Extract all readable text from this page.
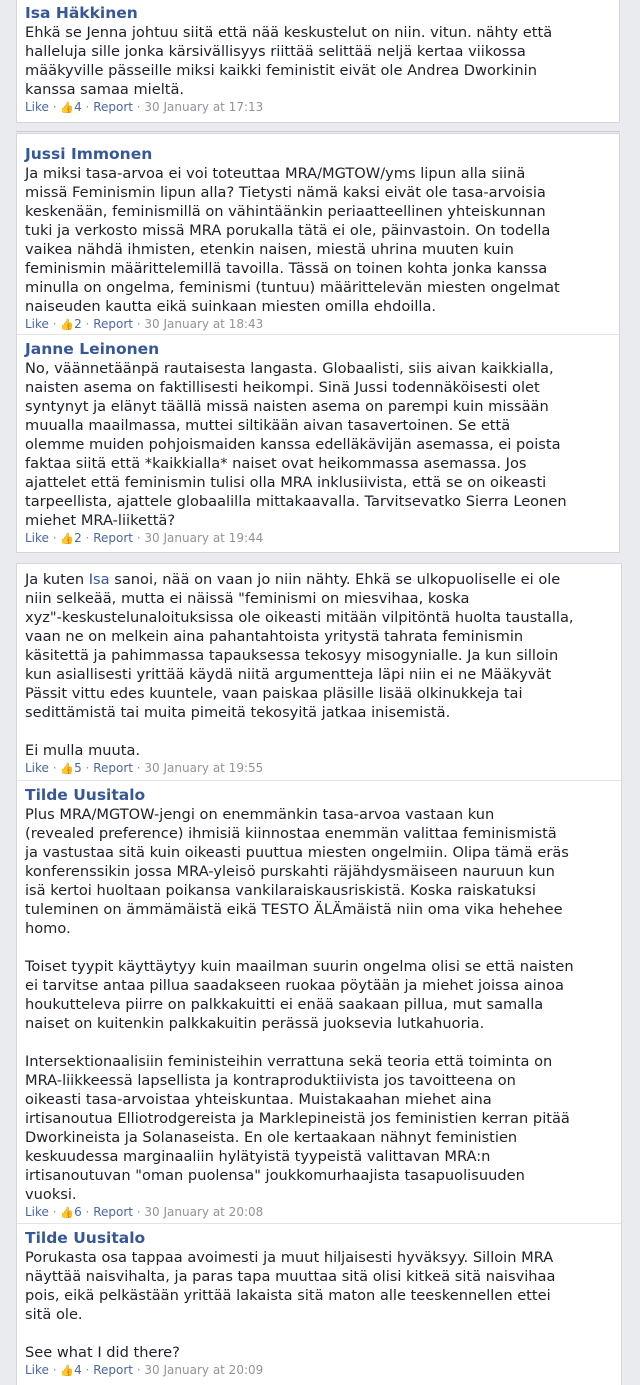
Isa Häkkinen
Ehkä se Jenna johtuu siitä että nää keskustelut on niin. vitun. nähty että
halleluja sille jonka kärsivällisyys riittää selittää neljä kertaa viikossa
määkyville pässeille miksi kaikki feministit eivät ole Andrea Dworkinin
kanssa samaa mieltä.
Like · 👍4 · Report · 30 January at 17:13
Jussi Immonen
Ja miksi tasa-arvoa ei voi toteuttaa MRA/MGTOW/yms lipun alla siinä
missä Feminismin lipun alla? Tietysti nämä kaksi eivät ole tasa-arvoisia
keskenään, feminismillä on vähintäänkin periaatteellinen yhteiskunnan
tuki ja verkosto missä MRA porukalla tätä ei ole, päinvastoin. On todella
vaikea nähdä ihmisten, etenkin naisen, miestä uhrina muuten kuin
feminismin määrittelemillä tavoilla. Tässä on toinen kohta jonka kanssa
minulla on ongelma, feminismi (tuntuu) määrittelevän miesten ongelmat
naiseuden kautta eikä suinkaan miesten omilla ehdoilla.
Like · 👍2 · Report · 30 January at 18:43
Janne Leinonen
No, väännetäänpä rautaisesta langasta. Globaalisti, siis aivan kaikkialla,
naisten asema on faktillisesti heikompi. Sinä Jussi todennäköisesti olet
syntynyt ja elänyt täällä missä naisten asema on parempi kuin missään
muualla maailmassa, muttei siltikään aivan tasavertoinen. Se että
olemme muiden pohjoismaiden kanssa edelläkävijän asemassa, ei poista
faktaa siitä että *kaikkialla* naiset ovat heikommassa asemassa. Jos
ajattelet että feminismin tulisi olla MRA inklusiivista, että se on oikeasti
tarpeellista, ajattele globaalilla mittakaavalla. Tarvitsevatko Sierra Leonen
miehet MRA-liikettä?
Like · 👍2 · Report · 30 January at 19:44
Ja kuten Isa sanoi, nää on vaan jo niin nähty. Ehkä se ulkopuoliselle ei ole
niin selkeää, mutta ei näissä "feminismi on miesvihaa, koska
xyz"-keskustelunaloituksissa ole oikeasti mitään vilpitöntä huolta taustalla,
vaan ne on melkein aina pahantahtoista yritystä tahrata feminismin
käsitettä ja pahimmassa tapauksessa tekosyy misogynialle. Ja kun silloin
kun asiallisesti yrittää käydä niitä argumentteja läpi niin ei ne Määkyvät
Pässit vittu edes kuuntele, vaan paiskaa pläsille lisää olkinukkeja tai
sedittämistä tai muita pimeitä tekosyitä jatkaa inisemistä.

Ei mulla muuta.
Like · 👍5 · Report · 30 January at 19:55
Tilde Uusitalo
Plus MRA/MGTOW-jengi on enemmänkin tasa-arvoa vastaan kun
(revealed preference) ihmisiä kiinnostaa enemmän valittaa feminismistä
ja vastustaa sitä kuin oikeasti puuttua miesten ongelmiin. Olipa tämä eräs
konferenssikin jossa MRA-yleisö purskahti räjähdysmäiseen nauruun kun
isä kertoi huoltaan poikansa vankilaraiskausriskistä. Koska raiskatuksi
tuleminen on ämmämäistä eikä TESTO ÄLÄmäistä niin oma vika hehehee
homo.

Toiset tyypit käyttäytyy kuin maailman suurin ongelma olisi se että naisten
ei tarvitse antaa pillua saadakseen ruokaa pöytään ja miehet joissa ainoa
houkutteleva piirre on palkkakuitti ei enää saakaan pillua, mut samalla
naiset on kuitenkin palkkakuitin perässä juoksevia lutkahuoria.

Intersektionaalisiin feministeihin verrattuna sekä teoria että toiminta on
MRA-liikkeessä lapsellista ja kontraproduktiivista jos tavoitteena on
oikeasti tasa-arvoistaa yhteiskuntaa. Muistakaahan miehet aina
irtisanoutua Elliotrodgereista ja Marklepineistä jos feministien kerran pitää
Dworkineista ja Solanaseista. En ole kertaakaan nähnyt feministien
keskuudessa marginaaliin hylätyistä tyypeistä valittavan MRA:n
irtisanoutuvan "oman puolensa" joukkomurhaajista tasapuolisuuden
vuoksi.
Like · 👍6 · Report · 30 January at 20:08
Tilde Uusitalo
Porukasta osa tappaa avoimesti ja muut hiljaisesti hyväksyy. Silloin MRA
näyttää naisvihalta, ja paras tapa muuttaa sitä olisi kitkeä sitä naisvihaa
pois, eikä pelkästään yrittää lakaista sitä maton alle teeskennellen ettei
sitä ole.

See what I did there?
Like · 👍4 · Report · 30 January at 20:09
